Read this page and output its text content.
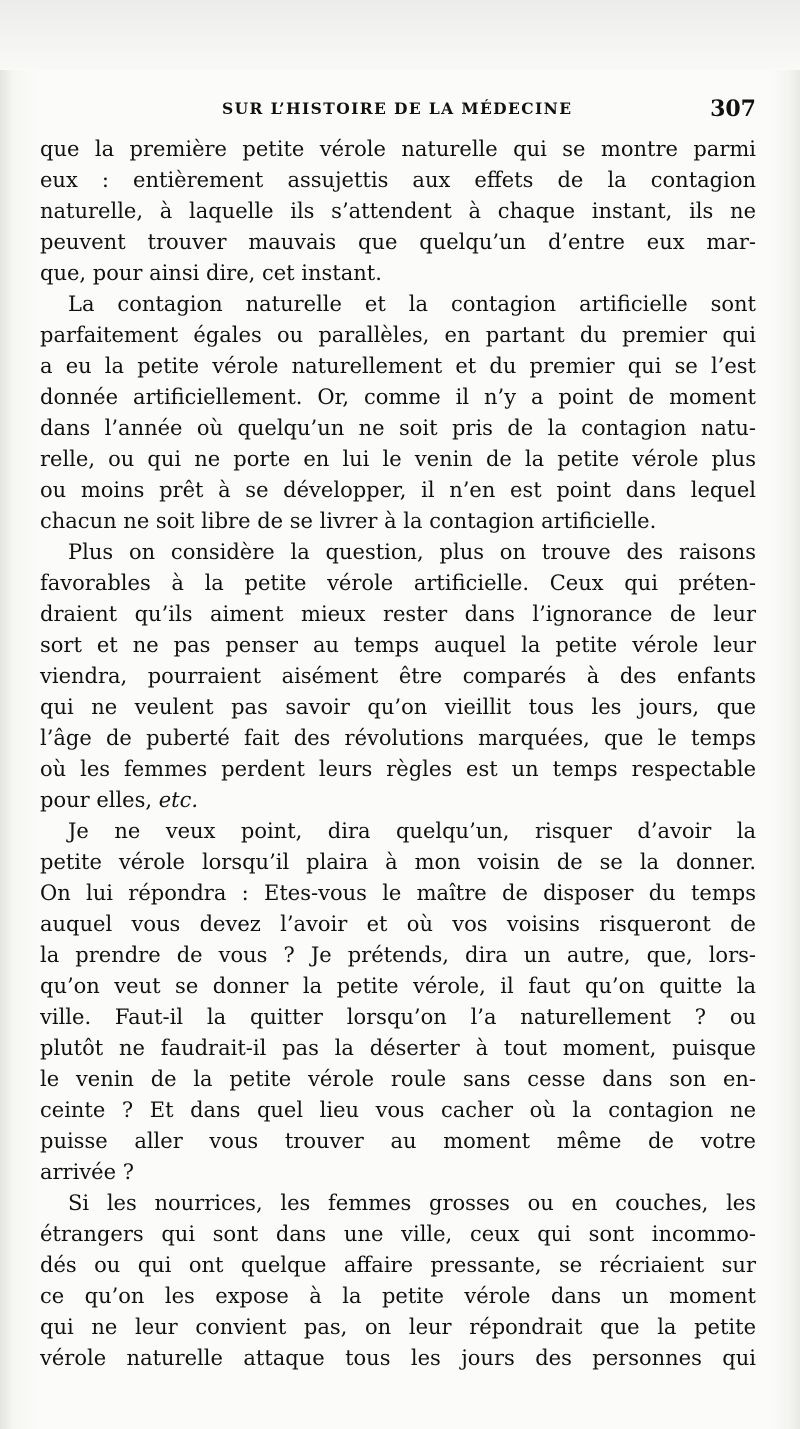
SUR L’HISTOIRE DE LA MÉDECINE	307

que la première petite vérole naturelle qui se montre parmi
eux : entièrement assujettis aux effets de la contagion
naturelle, à laquelle ils s’attendent à chaque instant, ils ne
peuvent trouver mauvais que quelqu’un d’entre eux mar-
que, pour ainsi dire, cet instant.

La contagion naturelle et la contagion artificielle sont
parfaitement égales ou parallèles, en partant du premier qui
a eu la petite vérole naturellement et du premier qui se l’est
donnée artificiellement. Or, comme il n’y a point de moment
dans l’année où quelqu’un ne soit pris de la contagion natu-
relle, ou qui ne porte en lui le venin de la petite vérole plus
ou moins prêt à se développer, il n’en est point dans lequel
chacun ne soit libre de se livrer à la contagion artificielle.

Plus on considère la question, plus on trouve des raisons
favorables à la petite vérole artificielle. Ceux qui préten-
draient qu’ils aiment mieux rester dans l’ignorance de leur
sort et ne pas penser au temps auquel la petite vérole leur
viendra, pourraient aisément être comparés à des enfants
qui ne veulent pas savoir qu’on vieillit tous les jours, que
l’âge de puberté fait des révolutions marquées, que le temps
où les femmes perdent leurs règles est un temps respectable
pour elles, etc.

Je ne veux point, dira quelqu’un, risquer d’avoir la
petite vérole lorsqu’il plaira à mon voisin de se la donner.
On lui répondra : Etes-vous le maître de disposer du temps
auquel vous devez l’avoir et où vos voisins risqueront de
la prendre de vous ? Je prétends, dira un autre, que, lors-
qu’on veut se donner la petite vérole, il faut qu’on quitte la
ville. Faut-il la quitter lorsqu’on l’a naturellement ? ou
plutôt ne faudrait-il pas la déserter à tout moment, puisque
le venin de la petite vérole roule sans cesse dans son en-
ceinte ? Et dans quel lieu vous cacher où la contagion ne
puisse aller vous trouver au moment même de votre
arrivée ?

Si les nourrices, les femmes grosses ou en couches, les
étrangers qui sont dans une ville, ceux qui sont incommo-
dés ou qui ont quelque affaire pressante, se récriaient sur
ce qu’on les expose à la petite vérole dans un moment
qui ne leur convient pas, on leur répondrait que la petite
vérole naturelle attaque tous les jours des personnes qui
